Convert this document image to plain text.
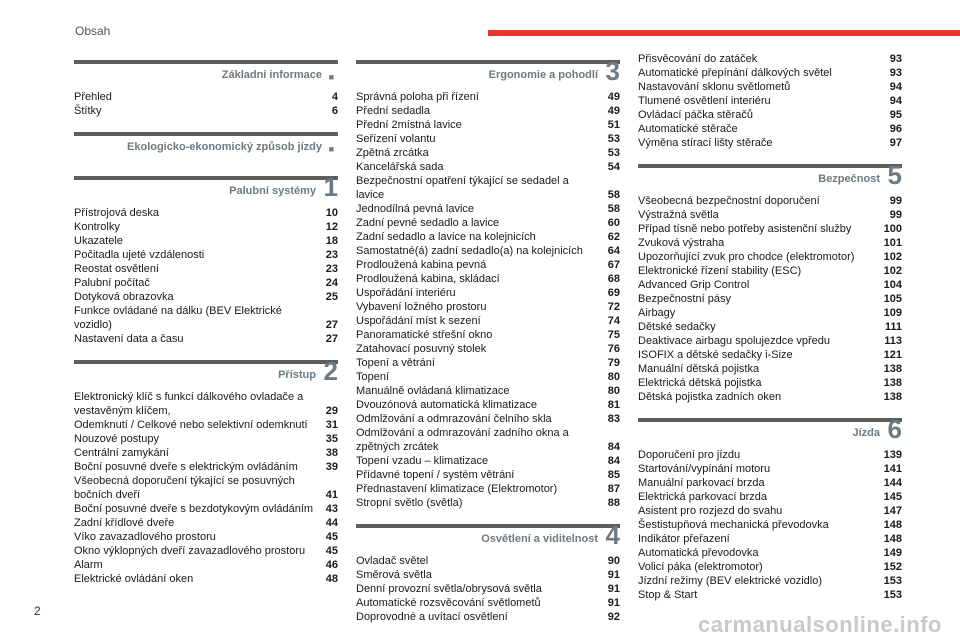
Obsah
Základní informace ■
Přehled	4
Štítky	6
Ekologicko-ekonomický způsob jízdy ■
Palubní systémy 1
Přístrojová deska	10
Kontrolky	12
Ukazatele	18
Počitadla ujeté vzdálenosti	23
Reostat osvětlení	23
Palubní počítač	24
Dotyková obrazovka	25
Funkce ovládané na dálku (BEV Elektrické vozidlo)	27
Nastavení data a času	27
Přístup 2
Elektronický klíč s funkcí dálkového ovladače a vestavěným klíčem,	29
Odemknutí / Celkové nebo selektivní odemknutí	31
Nouzové postupy	35
Centrální zamykání	38
Boční posuvné dveře s elektrickým ovládáním	39
Všeobecná doporučení týkající se posuvných bočních dveří	41
Boční posuvné dveře s bezdotykovým ovládáním	43
Zadní křídlové dveře	44
Víko zavazadlového prostoru	45
Okno výklopných dveří zavazadlového prostoru	45
Alarm	46
Elektrické ovládání oken	48
Ergonomie a pohodlí 3
Správná poloha při řízení	49
Přední sedadla	49
Přední 2místná lavice	51
Seřízení volantu	53
Zpětná zrcátka	53
Kancelářská sada	54
Bezpečnostní opatření týkající se sedadel a lavice	58
Jednodílná pevná lavice	58
Zadní pevné sedadlo a lavice	60
Zadní sedadlo a lavice na kolejnicích	62
Samostatné(á) zadní sedadlo(a) na kolejnicích	64
Prodloužená kabina pevná	67
Prodloužená kabina, skládací	68
Uspořádání interiéru	69
Vybavení ložného prostoru	72
Uspořádání míst k sezení	74
Panoramatické střešní okno	75
Zatahovací posuvný stolek	76
Topení a větrání	79
Topení	80
Manuálně ovládaná klimatizace	80
Dvouzónová automatická klimatizace	81
Odmlžování a odmrazování čelního skla	83
Odmlžování a odmrazování zadního okna a zpětných zrcátek	84
Topení vzadu – klimatizace	84
Přídavné topení / systém větrání	85
Přednastavení klimatizace (Elektromotor)	87
Stropní světlo (světla)	88
Osvětlení a viditelnost 4
Ovladač světel	90
Směrová světla	91
Denní provozní světla/obrysová světla	91
Automatické rozsvěcování světlometů	91
Doprovodné a uvítací osvětlení	92
Přisvěcování do zatáček	93
Automatické přepínání dálkových světel	93
Nastavování sklonu světlometů	94
Tlumené osvětlení interiéru	94
Ovládací páčka stěračů	95
Automatické stěrače	96
Výměna stírací lišty stěrače	97
Bezpečnost 5
Všeobecná bezpečnostní doporučení	99
Výstražná světla	99
Případ tísně nebo potřeby asistenční služby	100
Zvuková výstraha	101
Upozorňující zvuk pro chodce (elektromotor)	102
Elektronické řízení stability (ESC)	102
Advanced Grip Control	104
Bezpečnostní pásy	105
Airbagy	109
Dětské sedačky	111
Deaktivace airbagu spolujezdce vpředu	113
ISOFIX a dětské sedačky i-Size	121
Manuální dětská pojistka	138
Elektrická dětská pojistka	138
Dětská pojistka zadních oken	138
Jízda 6
Doporučení pro jízdu	139
Startování/vypínání motoru	141
Manuální parkovací brzda	144
Elektrická parkovací brzda	145
Asistent pro rozjezd do svahu	147
Šestistupňová mechanická převodovka	148
Indikátor přeřazení	148
Automatická převodovka	149
Volicí páka (elektromotor)	152
Jízdní režimy (BEV elektrické vozidlo)	153
Stop & Start	153
2
carmanualsonline.info
